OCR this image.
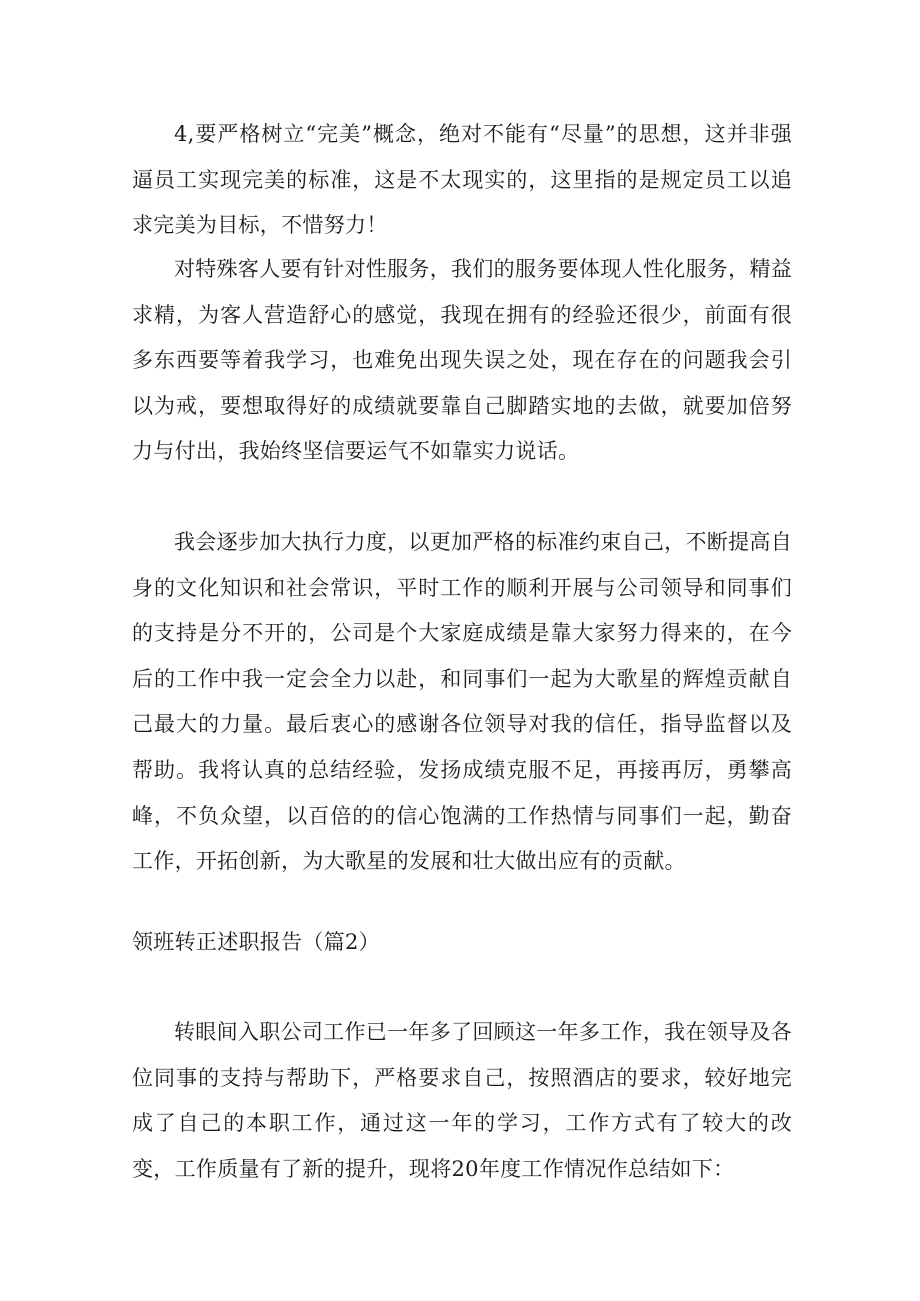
4,要严格树立“完美”概念，绝对不能有“尽量”的思想，这并非强逼员工实现完美的标准，这是不太现实的，这里指的是规定员工以追求完美为目标，不惜努力！

对特殊客人要有针对性服务，我们的服务要体现人性化服务，精益求精，为客人营造舒心的感觉，我现在拥有的经验还很少，前面有很多东西要等着我学习，也难免出现失误之处，现在存在的问题我会引以为戒，要想取得好的成绩就要靠自己脚踏实地的去做，就要加倍努力与付出，我始终坚信要运气不如靠实力说话。

我会逐步加大执行力度，以更加严格的标准约束自己，不断提高自身的文化知识和社会常识，平时工作的顺利开展与公司领导和同事们的支持是分不开的，公司是个大家庭成绩是靠大家努力得来的，在今后的工作中我一定会全力以赴，和同事们一起为大歌星的辉煌贡献自己最大的力量。最后衷心的感谢各位领导对我的信任，指导监督以及帮助。我将认真的总结经验，发扬成绩克服不足，再接再厉，勇攀高峰，不负众望，以百倍的的信心饱满的工作热情与同事们一起，勤奋工作，开拓创新，为大歌星的发展和壮大做出应有的贡献。

领班转正述职报告（篇2）

转眼间入职公司工作已一年多了回顾这一年多工作，我在领导及各位同事的支持与帮助下，严格要求自己，按照酒店的要求，较好地完成了自己的本职工作，通过这一年的学习，工作方式有了较大的改变，工作质量有了新的提升，现将20年度工作情况作总结如下：
